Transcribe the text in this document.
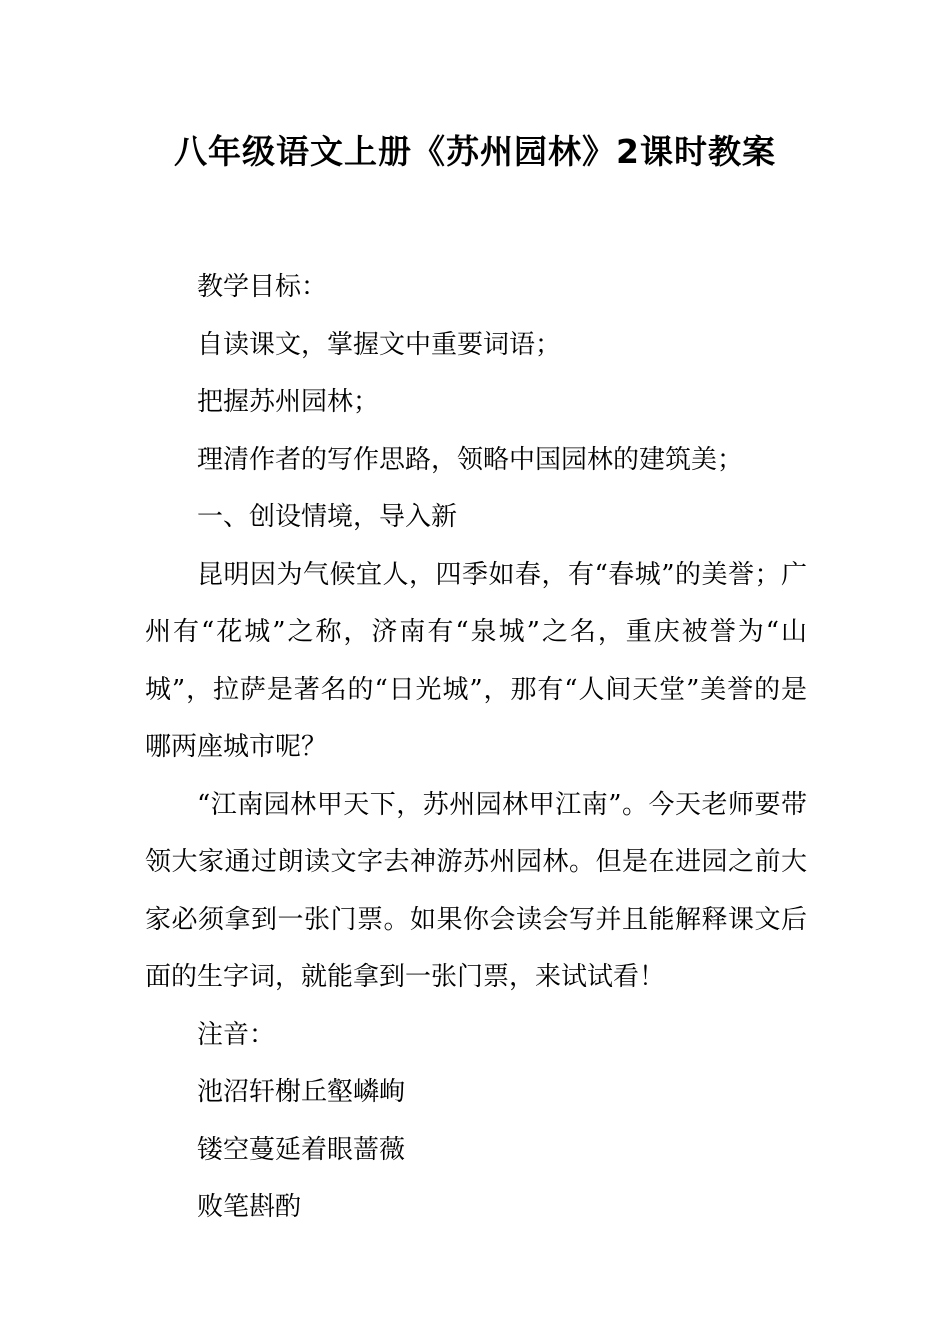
八年级语文上册《苏州园林》2课时教案

教学目标：

自读课文，掌握文中重要词语；

把握苏州园林；

理清作者的写作思路，领略中国园林的建筑美；

一、创设情境，导入新

昆明因为气候宜人，四季如春，有“春城”的美誉；广州有“花城”之称，济南有“泉城”之名，重庆被誉为“山城”，拉萨是著名的“日光城”，那有“人间天堂”美誉的是哪两座城市呢？

“江南园林甲天下，苏州园林甲江南”。今天老师要带领大家通过朗读文字去神游苏州园林。但是在进园之前大家必须拿到一张门票。如果你会读会写并且能解释课文后面的生字词，就能拿到一张门票，来试试看！

注音：

池沼轩榭丘壑嶙峋

镂空蔓延着眼蔷薇

败笔斟酌
